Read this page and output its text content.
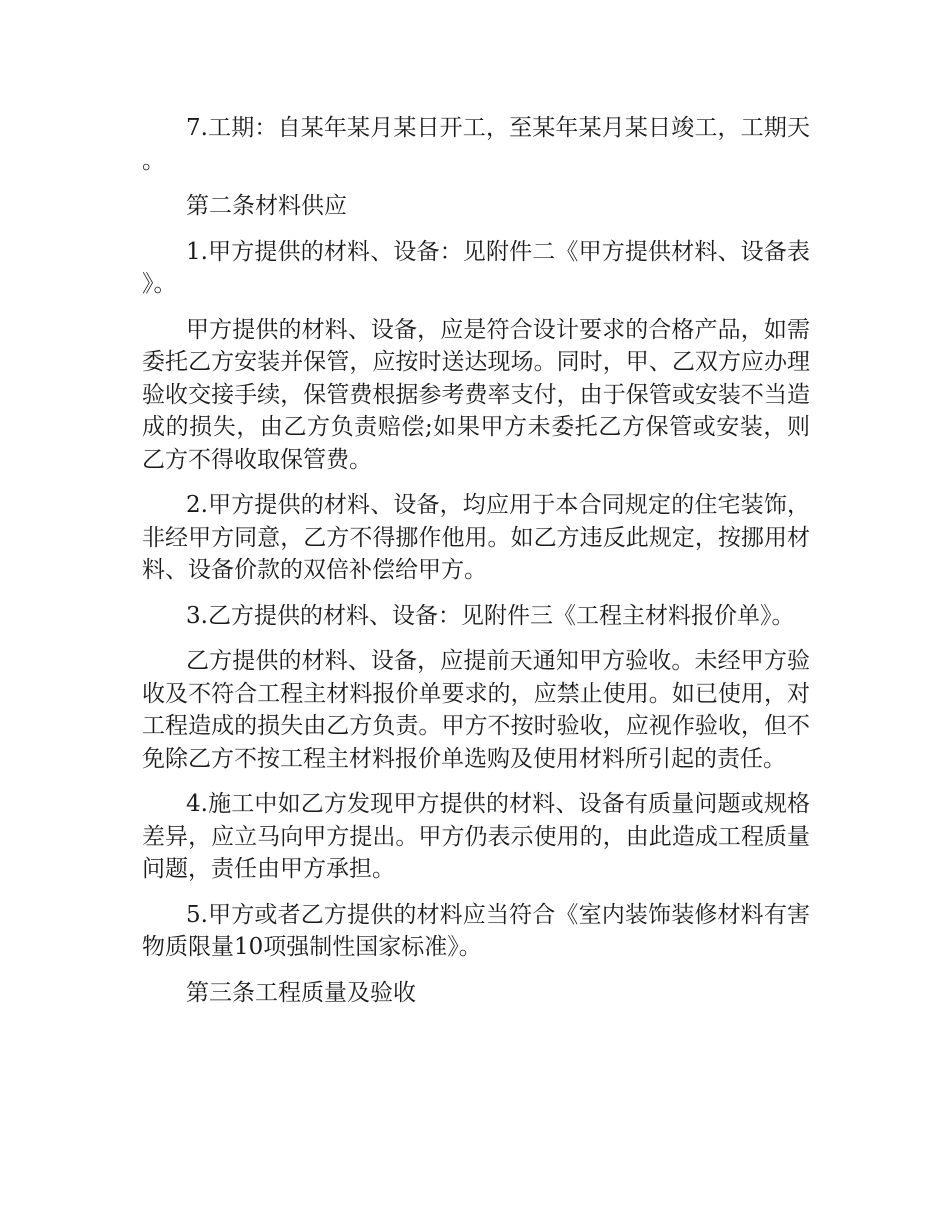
7.工期：自某年某月某日开工，至某年某月某日竣工，工期天。

第二条材料供应

1.甲方提供的材料、设备：见附件二《甲方提供材料、设备表》。

甲方提供的材料、设备，应是符合设计要求的合格产品，如需委托乙方安装并保管，应按时送达现场。同时，甲、乙双方应办理验收交接手续，保管费根据参考费率支付，由于保管或安装不当造成的损失，由乙方负责赔偿;如果甲方未委托乙方保管或安装，则乙方不得收取保管费。

2.甲方提供的材料、设备，均应用于本合同规定的住宅装饰，非经甲方同意，乙方不得挪作他用。如乙方违反此规定，按挪用材料、设备价款的双倍补偿给甲方。

3.乙方提供的材料、设备：见附件三《工程主材料报价单》。

乙方提供的材料、设备，应提前天通知甲方验收。未经甲方验收及不符合工程主材料报价单要求的，应禁止使用。如已使用，对工程造成的损失由乙方负责。甲方不按时验收，应视作验收，但不免除乙方不按工程主材料报价单选购及使用材料所引起的责任。

4.施工中如乙方发现甲方提供的材料、设备有质量问题或规格差异，应立马向甲方提出。甲方仍表示使用的，由此造成工程质量问题，责任由甲方承担。

5.甲方或者乙方提供的材料应当符合《室内装饰装修材料有害物质限量10项强制性国家标准》。

第三条工程质量及验收
